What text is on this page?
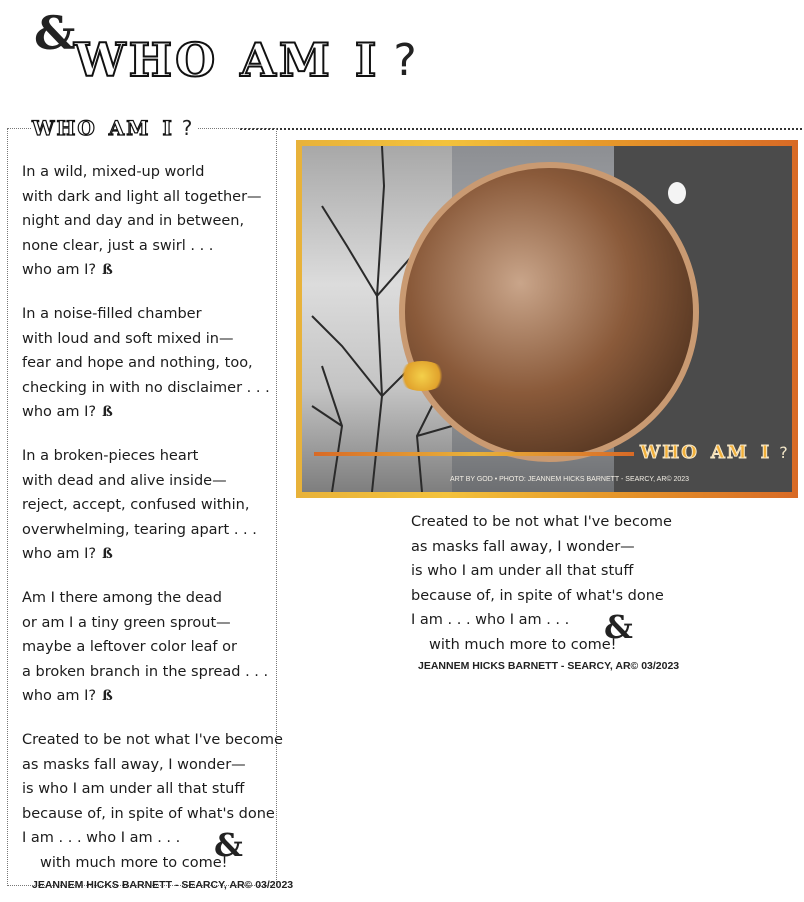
&
WHO AM I ?
WHO AM I ?
In a wild, mixed-up world
with dark and light all together—
night and day and in between,
none clear, just a swirl . . .
who am I? ß
In a noise-filled chamber
with loud and soft mixed in—
fear and hope and nothing, too,
checking in with no disclaimer . . .
who am I? ß
In a broken-pieces heart
with dead and alive inside—
reject, accept, confused within,
overwhelming, tearing apart . . .
who am I? ß
Am I there among the dead
or am I a tiny green sprout—
maybe a leftover color leaf or
a broken branch in the spread . . .
who am I? ß
Created to be not what I've become
as masks fall away, I wonder—
is who I am under all that stuff
because of, in spite of what's done
I am . . . who I am . . .
with much more to come!
&
JEANNEM HICKS BARNETT - SEARCY, AR© 03/2023
WHO AM I ?
ART BY GOD • PHOTO: JEANNEM HICKS BARNETT - SEARCY, AR© 2023
Created to be not what I've become
as masks fall away, I wonder—
is who I am under all that stuff
because of, in spite of what's done
I am . . . who I am . . .
with much more to come!
&
JEANNEM HICKS BARNETT - SEARCY, AR© 03/2023
